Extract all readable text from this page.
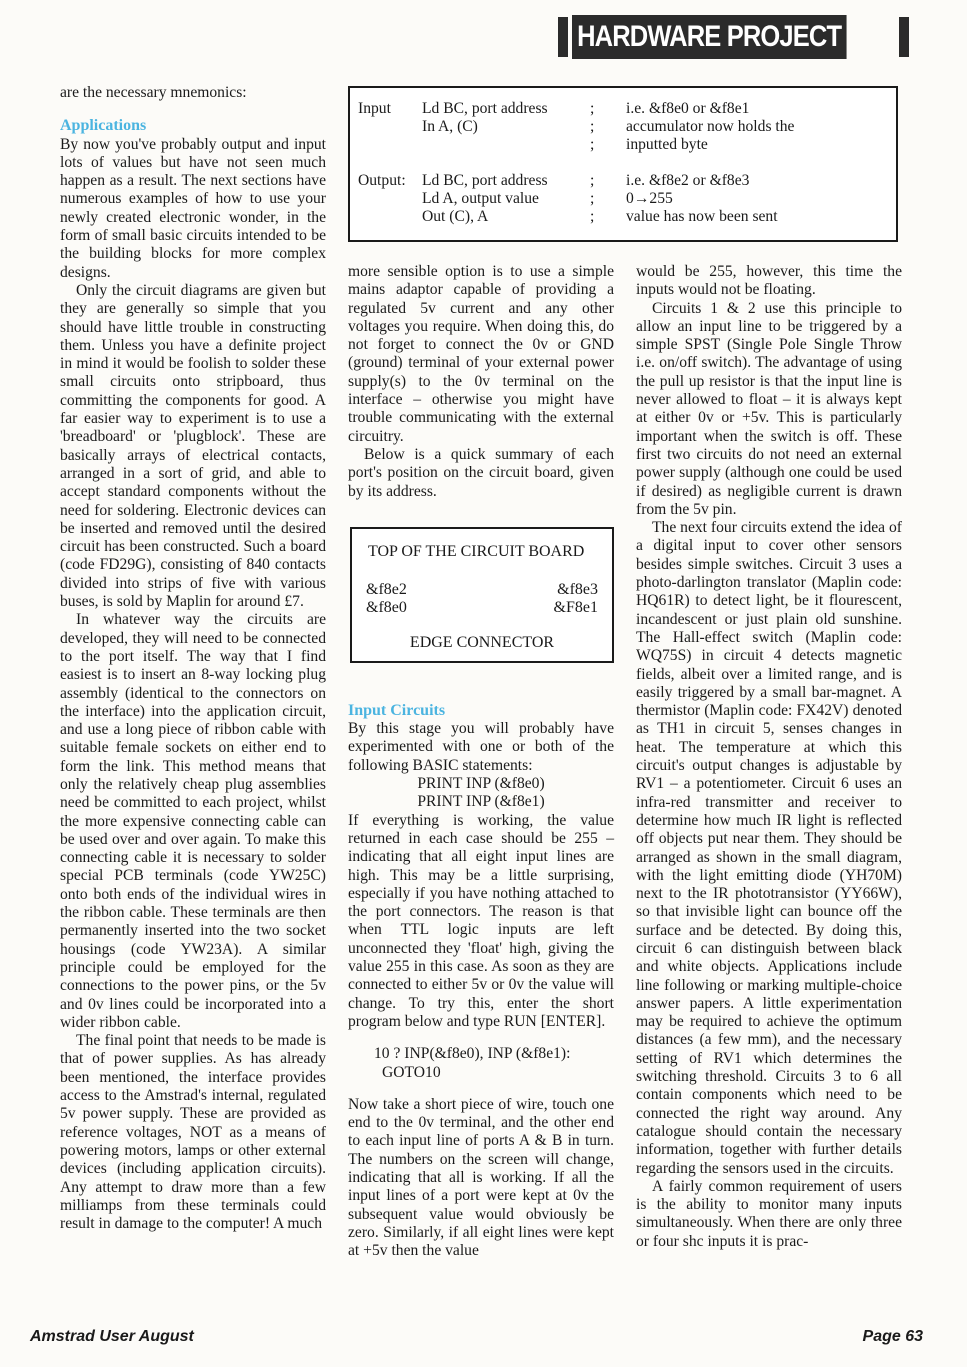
HARDWARE PROJECT

are the necessary mnemonics:

Applications

By now you've probably output and input lots of values but have not seen much happen as a result. The next sections have numerous examples of how to use your newly created electronic wonder, in the form of small basic circuits intended to be the building blocks for more complex designs.

Only the circuit diagrams are given but they are generally so simple that you should have little trouble in constructing them. Unless you have a definite project in mind it would be foolish to solder these small circuits onto stripboard, thus committing the components for good. A far easier way to experiment is to use a 'breadboard' or 'plugblock'. These are basically arrays of electrical contacts, arranged in a sort of grid, and able to accept standard components without the need for soldering. Electronic devices can be inserted and removed until the desired circuit has been constructed. Such a board (code FD29G), consisting of 840 contacts divided into strips of five with various buses, is sold by Maplin for around £7.

In whatever way the circuits are developed, they will need to be connected to the port itself. The way that I find easiest is to insert an 8-way locking plug assembly (identical to the connectors on the interface) into the application circuit, and use a long piece of ribbon cable with suitable female sockets on either end to form the link. This method means that only the relatively cheap plug assemblies need be committed to each project, whilst the more expensive connecting cable can be used over and over again. To make this connecting cable it is necessary to solder special PCB terminals (code YW25C) onto both ends of the individual wires in the ribbon cable. These terminals are then permanently inserted into the two socket housings (code YW23A). A similar principle could be employed for the connections to the power pins, or the 5v and 0v lines could be incorporated into a wider ribbon cable.

The final point that needs to be made is that of power supplies. As has already been mentioned, the interface provides access to the Amstrad's internal, regulated 5v power supply. These are provided as reference voltages, NOT as a means of powering motors, lamps or other external devices (including application circuits). Any attempt to draw more than a few milliamps from these terminals could result in damage to the computer! A much

Input Ld BC, port address	; i.e. &f8e0 or &f8e1
In A, (C)	; accumulator now holds the
; inputted byte
Output: Ld BC, port address	; i.e. &f8e2 or &f8e3
Ld A, output value	; 0→255
Out (C), A	; value has now been sent

more sensible option is to use a simple mains adaptor capable of providing a regulated 5v current and any other voltages you require. When doing this, do not forget to connect the 0v or GND (ground) terminal of your external power supply(s) to the 0v terminal on the interface – otherwise you might have trouble communicating with the external circuitry.

Below is a quick summary of each port's position on the circuit board, given by its address.

Input Circuits

By this stage you will probably have experimented with one or both of the following BASIC statements:

PRINT INP (&f8e0)

PRINT INP (&f8e1)

If everything is working, the value returned in each case should be 255 – indicating that all eight input lines are high. This may be a little surprising, especially if you have nothing attached to the port connectors. The reason is that when TTL logic inputs are left unconnected they 'float' high, giving the value 255 in this case. As soon as they are connected to either 5v or 0v the value will change. To try this, enter the short program below and type RUN [ENTER].

10 ? INP(&f8e0), INP (&f8e1):
GOTO10

Now take a short piece of wire, touch one end to the 0v terminal, and the other end to each input line of ports A & B in turn. The numbers on the screen will change, indicating that all is working. If all the input lines of a port were kept at 0v the subsequent value would obviously be zero. Similarly, if all eight lines were kept at +5v then the value

TOP OF THE CIRCUIT BOARD
&f8e2	&f8e3
&f8e0	&F8e1
EDGE CONNECTOR

would be 255, however, this time the inputs would not be floating.

Circuits 1 & 2 use this principle to allow an input line to be triggered by a simple SPST (Single Pole Single Throw i.e. on/off switch). The advantage of using the pull up resistor is that the input line is never allowed to float – it is always kept at either 0v or +5v. This is particularly important when the switch is off. These first two circuits do not need an external power supply (although one could be used if desired) as negligible current is drawn from the 5v pin.

The next four circuits extend the idea of a digital input to cover other sensors besides simple switches. Circuit 3 uses a photo-darlington translator (Maplin code: HQ61R) to detect light, be it flourescent, incandescent or just plain old sunshine. The Hall-effect switch (Maplin code: WQ75S) in circuit 4 detects magnetic fields, albeit over a limited range, and is easily triggered by a small bar-magnet. A thermistor (Maplin code: FX42V) denoted as TH1 in circuit 5, senses changes in heat. The temperature at which this circuit's output changes is adjustable by RV1 – a potentiometer. Circuit 6 uses an infra-red transmitter and receiver to determine how much IR light is reflected off objects put near them. They should be arranged as shown in the small diagram, with the light emitting diode (YH70M) next to the IR phototransistor (YY66W), so that invisible light can bounce off the surface and be detected. By doing this, circuit 6 can distinguish between black and white objects. Applications include line following or marking multiple-choice answer papers. A little experimentation may be required to achieve the optimum distances (a few mm), and the necessary setting of RV1 which determines the switching threshold. Circuits 3 to 6 all contain components which need to be connected the right way around. Any catalogue should contain the necessary information, together with further details regarding the sensors used in the circuits.

A fairly common requirement of users is the ability to monitor many inputs simultaneously. When there are only three or four shc inputs it is prac-

Amstrad User August	Page 63
